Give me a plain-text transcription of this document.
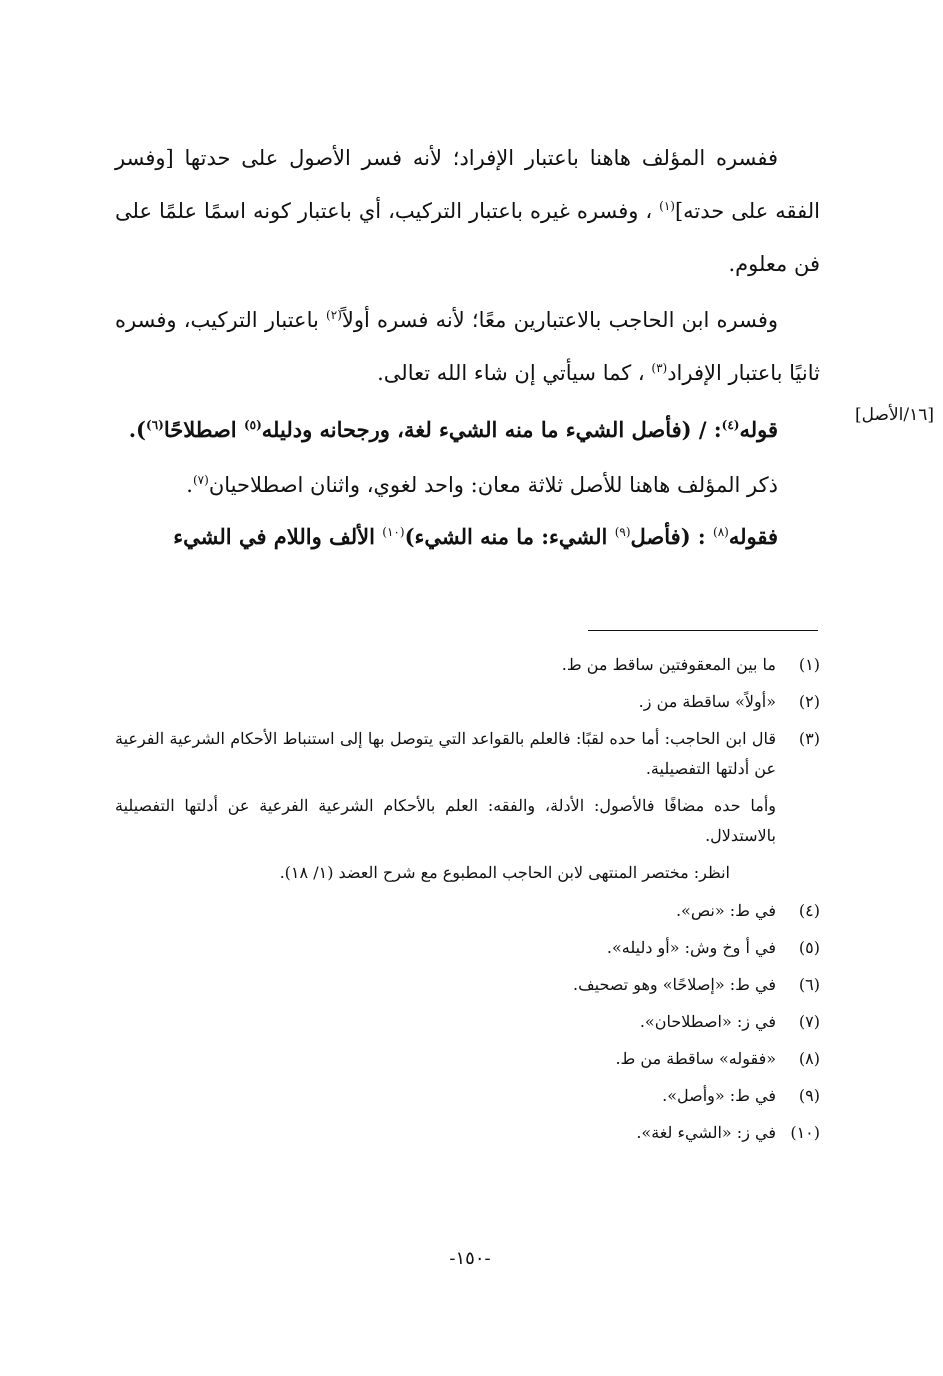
[١٦/الأصل]

ففسره المؤلف هاهنا باعتبار الإفراد؛ لأنه فسر الأصول على حدتها [وفسر الفقه على حدته]$^{(١)}$ ، وفسره غيره باعتبار التركيب، أي باعتبار كونه اسمًا علمًا على فن معلوم.

وفسره ابن الحاجب بالاعتبارين معًا؛ لأنه فسره أولاً$^{(٢)}$ باعتبار التركيب، وفسره ثانيًا باعتبار الإفراد$^{(٣)}$ ، كما سيأتي إن شاء الله تعالى.

قوله$^{(٤)}$: / (فأصل الشيء ما منه الشيء لغة، ورجحانه ودليله$^{(٥)}$ اصطلاحًا$^{(٦)}$).

ذكر المؤلف هاهنا للأصل ثلاثة معان: واحد لغوي، واثنان اصطلاحيان$^{(٧)}$.

فقوله$^{(٨)}$ : (فأصل$^{(٩)}$ الشيء: ما منه الشيء)$^{(١٠)}$ الألف واللام في الشيء

(١)
ما بين المعقوفتين ساقط من ط.
(٢)
«أولاً» ساقطة من ز.
(٣)
قال ابن الحاجب: أما حده لقبًا: فالعلم بالقواعد التي يتوصل بها إلى استنباط الأحكام الشرعية الفرعية عن أدلتها التفصيلية.
وأما حده مضافًا فالأصول: الأدلة، والفقه: العلم بالأحكام الشرعية الفرعية عن أدلتها التفصيلية بالاستدلال.
انظر: مختصر المنتهى لابن الحاجب المطبوع مع شرح العضد (١/ ١٨).
(٤)
في ط: «نص».
(٥)
في أ وخ وش: «أو دليله».
(٦)
في ط: «إصلاحًا» وهو تصحيف.
(٧)
في ز: «اصطلاحان».
(٨)
«فقوله» ساقطة من ط.
(٩)
في ط: «وأصل».
(١٠)
في ز: «الشيء لغة».
-١٥٠-
